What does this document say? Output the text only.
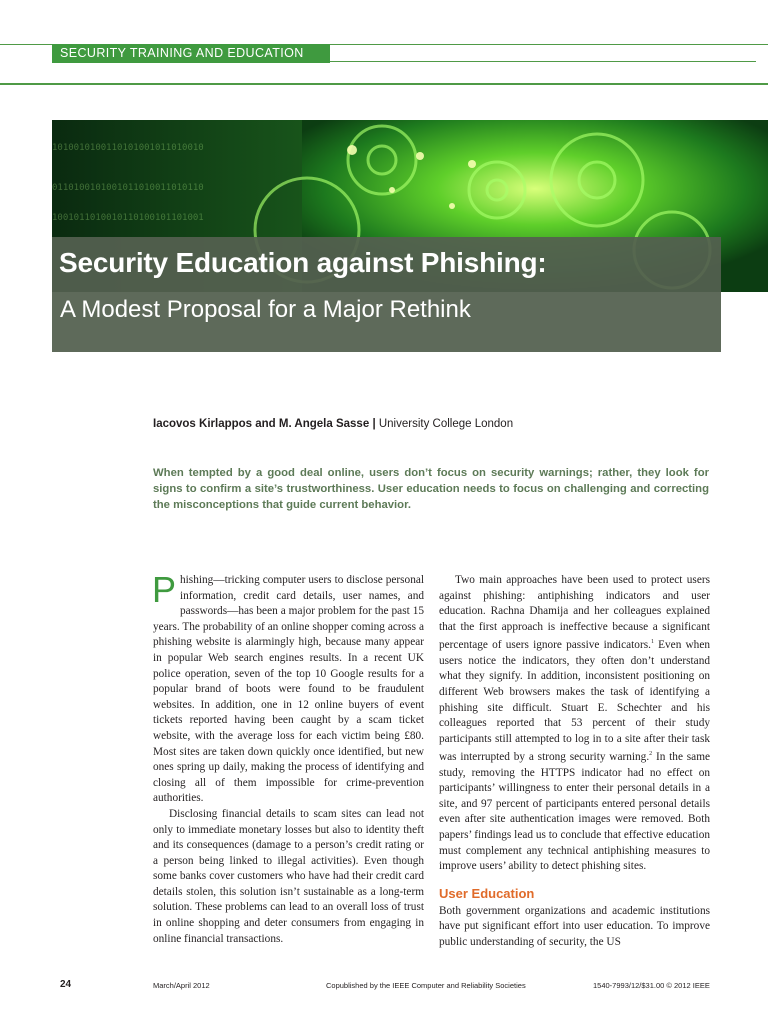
SECURITY TRAINING AND EDUCATION
1010010100110101001011010010
0110100101001011010011010110
1001011010010110100101101001
Security Education against Phishing:
A Modest Proposal for a Major Rethink
Iacovos Kirlappos and M. Angela Sasse | University College London
When tempted by a good deal online, users don’t focus on security warnings; rather, they look for signs to confirm a site’s trustworthiness. User education needs to focus on challenging and correcting the misconceptions that guide current behavior.

Phishing—tricking computer users to disclose personal information, credit card details, user names, and passwords—has been a major problem for the past 15 years. The probability of an online shopper coming across a phishing website is alarmingly high, because many appear in popular Web search engines results. In a recent UK police operation, seven of the top 10 Google results for a popular brand of boots were found to be fraudulent websites. In addition, one in 12 online buyers of event tickets reported having been caught by a scam ticket website, with the average loss for each victim being £80. Most sites are taken down quickly once identified, but new ones spring up daily, making the process of identifying and closing all of them impossible for crime-prevention authorities.

Disclosing financial details to scam sites can lead not only to immediate monetary losses but also to identity theft and its consequences (damage to a person’s credit rating or a person being linked to illegal activities). Even though some banks cover customers who have had their credit card details stolen, this solution isn’t sustainable as a long-term solution. These problems can lead to an overall loss of trust in online shopping and deter consumers from engaging in online financial transactions.

Two main approaches have been used to protect users against phishing: antiphishing indicators and user education. Rachna Dhamija and her colleagues explained that the first approach is ineffective because a significant percentage of users ignore passive indicators.$^1$ Even when users notice the indicators, they often don’t understand what they signify. In addition, inconsistent positioning on different Web browsers makes the task of identifying a phishing site difficult. Stuart E. Schechter and his colleagues reported that 53 percent of their study participants still attempted to log in to a site after their task was interrupted by a strong security warning.$^2$ In the same study, removing the HTTPS indicator had no effect on participants’ willingness to enter their personal details in a site, and 97 percent of participants entered personal details even after site authentication images were removed. Both papers’ findings lead us to conclude that effective education must complement any technical antiphishing measures to improve users’ ability to detect phishing sites.

User Education

Both government organizations and academic institutions have put significant effort into user education. To improve public understanding of security, the US

24	March/April 2012	Copublished by the IEEE Computer and Reliability Societies	1540-7993/12/$31.00 © 2012 IEEE
